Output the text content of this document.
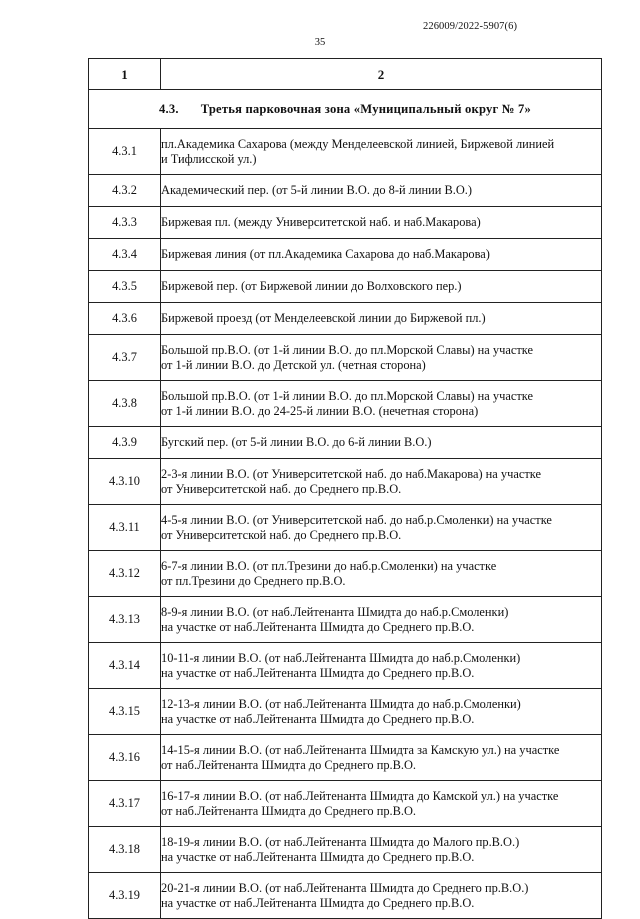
226009/2022-5907(6)
35
1	2
4.3. Третья парковочная зона «Муниципальный округ № 7»	
4.3.1	пл.Академика Сахарова (между Менделеевской линией, Биржевой линией
и Тифлисской ул.)

4.3.2	Академический пер. (от 5-й линии В.О. до 8-й линии В.О.)

4.3.3	Биржевая пл. (между Университетской наб. и наб.Макарова)

4.3.4	Биржевая линия (от пл.Академика Сахарова до наб.Макарова)

4.3.5	Биржевой пер. (от Биржевой линии до Волховского пер.)

4.3.6	Биржевой проезд (от Менделеевской линии до Биржевой пл.)

4.3.7	Большой пр.В.О. (от 1-й линии В.О. до пл.Морской Славы) на участке
от 1-й линии В.О. до Детской ул. (четная сторона)

4.3.8	Большой пр.В.О. (от 1-й линии В.О. до пл.Морской Славы) на участке
от 1-й линии В.О. до 24-25-й линии В.О. (нечетная сторона)

4.3.9	Бугский пер. (от 5-й линии В.О. до 6-й линии В.О.)

4.3.10	2-3-я линии В.О. (от Университетской наб. до наб.Макарова) на участке
от Университетской наб. до Среднего пр.В.О.

4.3.11	4-5-я линии В.О. (от Университетской наб. до наб.р.Смоленки) на участке
от Университетской наб. до Среднего пр.В.О.

4.3.12	6-7-я линии В.О. (от пл.Трезини до наб.р.Смоленки) на участке
от пл.Трезини до Среднего пр.В.О.

4.3.13	8-9-я линии В.О. (от наб.Лейтенанта Шмидта до наб.р.Смоленки)
на участке от наб.Лейтенанта Шмидта до Среднего пр.В.О.

4.3.14	10-11-я линии В.О. (от наб.Лейтенанта Шмидта до наб.р.Смоленки)
на участке от наб.Лейтенанта Шмидта до Среднего пр.В.О.

4.3.15	12-13-я линии В.О. (от наб.Лейтенанта Шмидта до наб.р.Смоленки)
на участке от наб.Лейтенанта Шмидта до Среднего пр.В.О.

4.3.16	14-15-я линии В.О. (от наб.Лейтенанта Шмидта за Камскую ул.) на участке
от наб.Лейтенанта Шмидта до Среднего пр.В.О.

4.3.17	16-17-я линии В.О. (от наб.Лейтенанта Шмидта до Камской ул.) на участке
от наб.Лейтенанта Шмидта до Среднего пр.В.О.

4.3.18	18-19-я линии В.О. (от наб.Лейтенанта Шмидта до Малого пр.В.О.)
на участке от наб.Лейтенанта Шмидта до Среднего пр.В.О.

4.3.19	20-21-я линии В.О. (от наб.Лейтенанта Шмидта до Среднего пр.В.О.)
на участке от наб.Лейтенанта Шмидта до Среднего пр.В.О.
